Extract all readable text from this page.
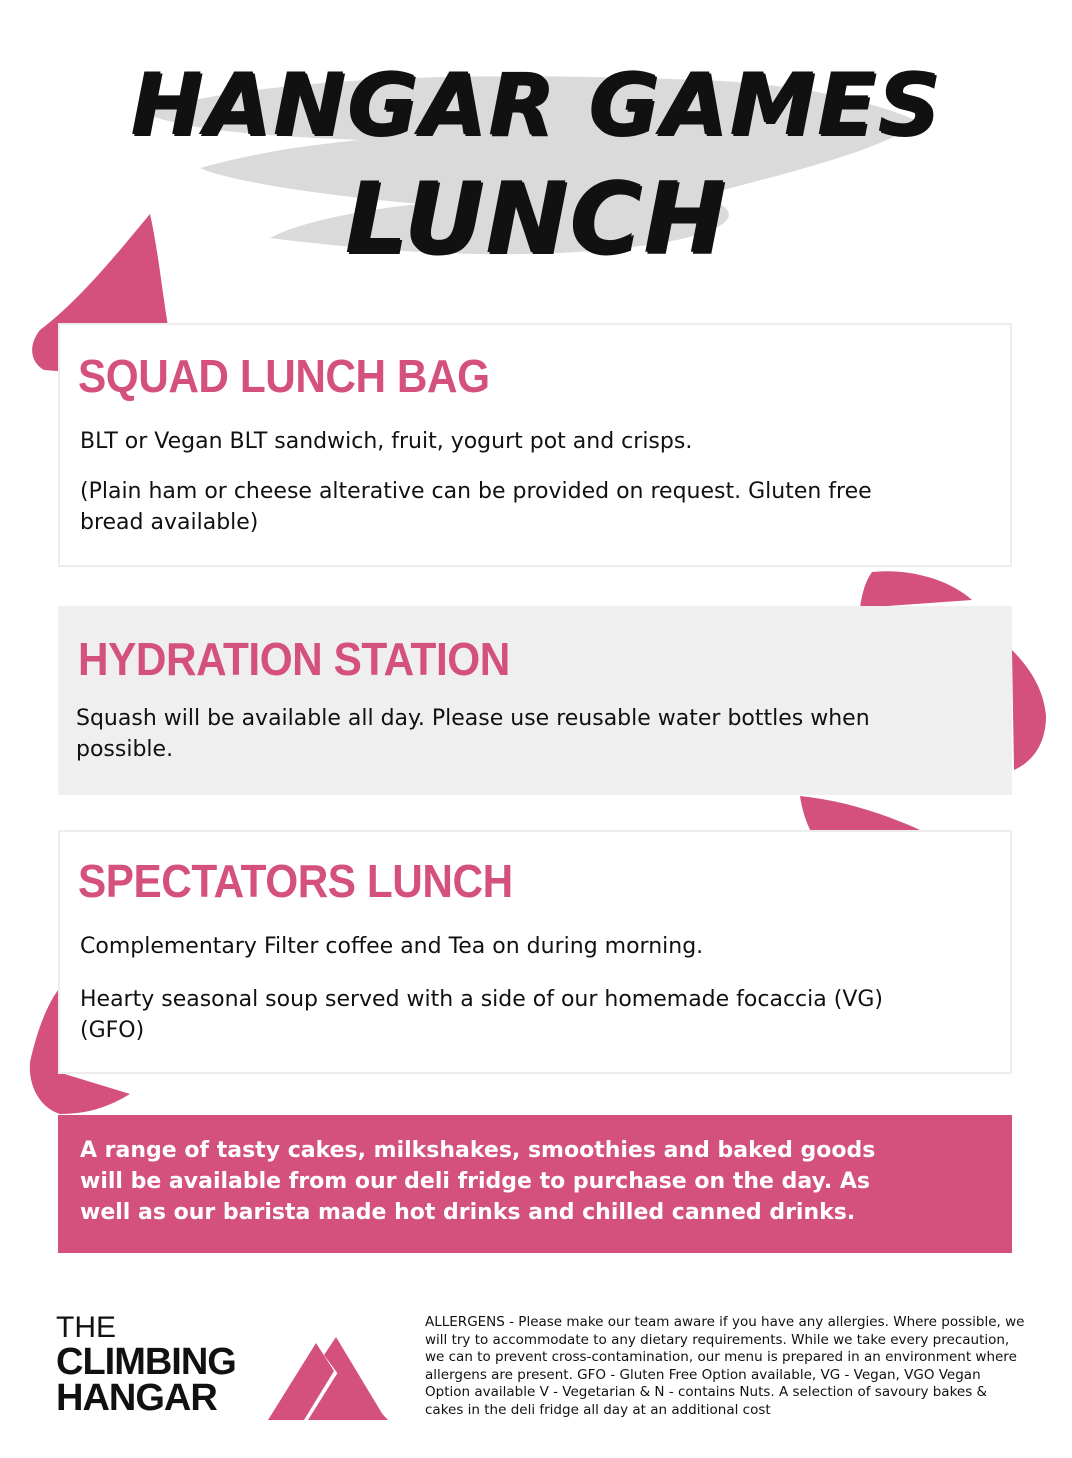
HANGAR GAMES
LUNCH
SQUAD LUNCH BAG

BLT or Vegan BLT sandwich, fruit, yogurt pot and crisps.

(Plain ham or cheese alterative can be provided on request. Gluten free bread available)

HYDRATION STATION

Squash will be available all day. Please use reusable water bottles when possible.

SPECTATORS LUNCH

Complementary Filter coffee and Tea on during morning.

Hearty seasonal soup served with a side of our homemade focaccia (VG)(GFO)

A range of tasty cakes, milkshakes, smoothies and baked goods will be available from our deli fridge to purchase on the day. As well as our barista made hot drinks and chilled canned drinks.

THE
CLIMBING
HANGAR

ALLERGENS - Please make our team aware if you have any allergies. Where possible, we will try to accommodate to any dietary requirements. While we take every precaution, we can to prevent cross-contamination, our menu is prepared in an environment where allergens are present. GFO - Gluten Free Option available, VG - Vegan, VGO Vegan Option available V - Vegetarian & N - contains Nuts. A selection of savoury bakes & cakes in the deli fridge all day at an additional cost
